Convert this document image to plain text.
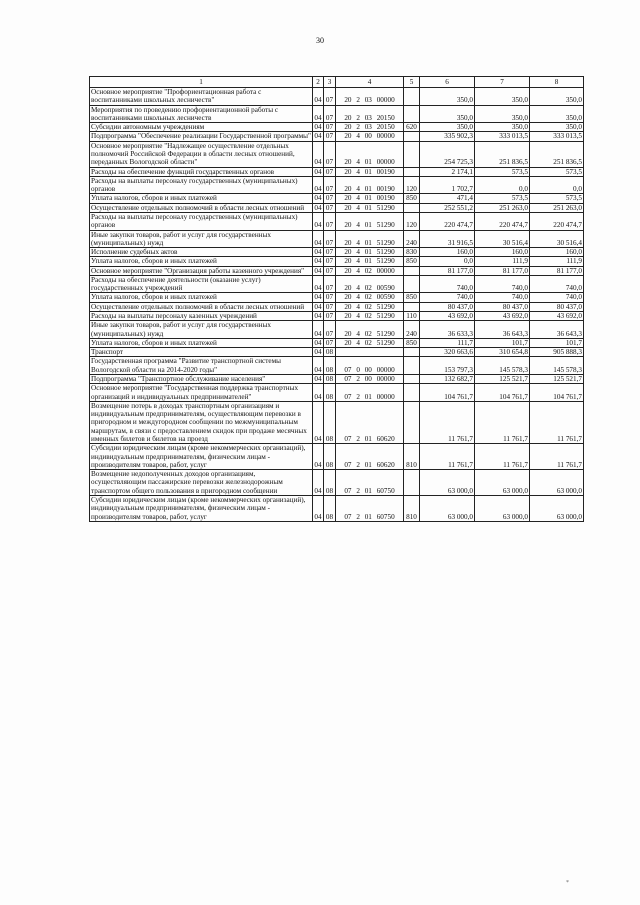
30
1	2	3	4	5	6	7	8
Основное мероприятие "Профориентационная работа с воспитанниками школьных лесничеств"	04	07	20 2 03 00000		350,0	350,0	350,0
Мероприятия по проведению профориентационной работы с воспитанниками школьных лесничеств	04	07	20 2 03 20150		350,0	350,0	350,0
Субсидии автономным учреждениям	04	07	20 2 03 20150	620	350,0	350,0	350,0
Подпрограмма "Обеспечение реализации Государственной программы"	04	07	20 4 00 00000		335 902,3	333 013,5	333 013,5
Основное мероприятие "Надлежащее осуществление отдельных полномочий Российской Федерации в области лесных отношений, переданных Вологодской области"	04	07	20 4 01 00000		254 725,3	251 836,5	251 836,5
Расходы на обеспечение функций государственных органов	04	07	20 4 01 00190		2 174,1	573,5	573,5
Расходы на выплаты персоналу государственных (муниципальных) органов	04	07	20 4 01 00190	120	1 702,7	0,0	0,0
Уплата налогов, сборов и иных платежей	04	07	20 4 01 00190	850	471,4	573,5	573,5
Осуществление отдельных полномочий в области лесных отношений	04	07	20 4 01 51290		252 551,2	251 263,0	251 263,0
Расходы на выплаты персоналу государственных (муниципальных) органов	04	07	20 4 01 51290	120	220 474,7	220 474,7	220 474,7
Иные закупки товаров, работ и услуг для государственных (муниципальных) нужд	04	07	20 4 01 51290	240	31 916,5	30 516,4	30 516,4
Исполнение судебных актов	04	07	20 4 01 51290	830	160,0	160,0	160,0
Уплата налогов, сборов и иных платежей	04	07	20 4 01 51290	850	0,0	111,9	111,9
Основное мероприятие "Организация работы казенного учреждения"	04	07	20 4 02 00000		81 177,0	81 177,0	81 177,0
Расходы на обеспечение деятельности (оказание услуг) государственных учреждений	04	07	20 4 02 00590		740,0	740,0	740,0
Уплата налогов, сборов и иных платежей	04	07	20 4 02 00590	850	740,0	740,0	740,0
Осуществление отдельных полномочий в области лесных отношений	04	07	20 4 02 51290		80 437,0	80 437,0	80 437,0
Расходы на выплаты персоналу казенных учреждений	04	07	20 4 02 51290	110	43 692,0	43 692,0	43 692,0
Иные закупки товаров, работ и услуг для государственных (муниципальных) нужд	04	07	20 4 02 51290	240	36 633,3	36 643,3	36 643,3
Уплата налогов, сборов и иных платежей	04	07	20 4 02 51290	850	111,7	101,7	101,7
Транспорт	04	08			320 663,6	310 654,8	905 888,3
Государственная программа "Развитие транспортной системы Вологодской области на 2014-2020 годы"	04	08	07 0 00 00000		153 797,3	145 578,3	145 578,3
Подпрограмма "Транспортное обслуживание населения"	04	08	07 2 00 00000		132 682,7	125 521,7	125 521,7
Основное мероприятие "Государственная поддержка транспортных организаций и индивидуальных предпринимателей"	04	08	07 2 01 00000		104 761,7	104 761,7	104 761,7
Возмещение потерь в доходах транспортным организациям и индивидуальным предпринимателям, осуществляющим перевозки в пригородном и междугородном сообщении по межмуниципальным маршрутам, в связи с предоставлением скидок при продаже месячных именных билетов и билетов на проезд	04	08	07 2 01 60620		11 761,7	11 761,7	11 761,7
Субсидии юридическим лицам (кроме некоммерческих организаций), индивидуальным предпринимателям, физическим лицам - производителям товаров, работ, услуг	04	08	07 2 01 60620	810	11 761,7	11 761,7	11 761,7
Возмещение недополученных доходов организациям, осуществляющим пассажирские перевозки железнодорожным транспортом общего пользования в пригородном сообщении	04	08	07 2 01 60750		63 000,0	63 000,0	63 000,0
Субсидии юридическим лицам (кроме некоммерческих организаций), индивидуальным предпринимателям, физическим лицам - производителям товаров, работ, услуг	04	08	07 2 01 60750	810	63 000,0	63 000,0	63 000,0
*
